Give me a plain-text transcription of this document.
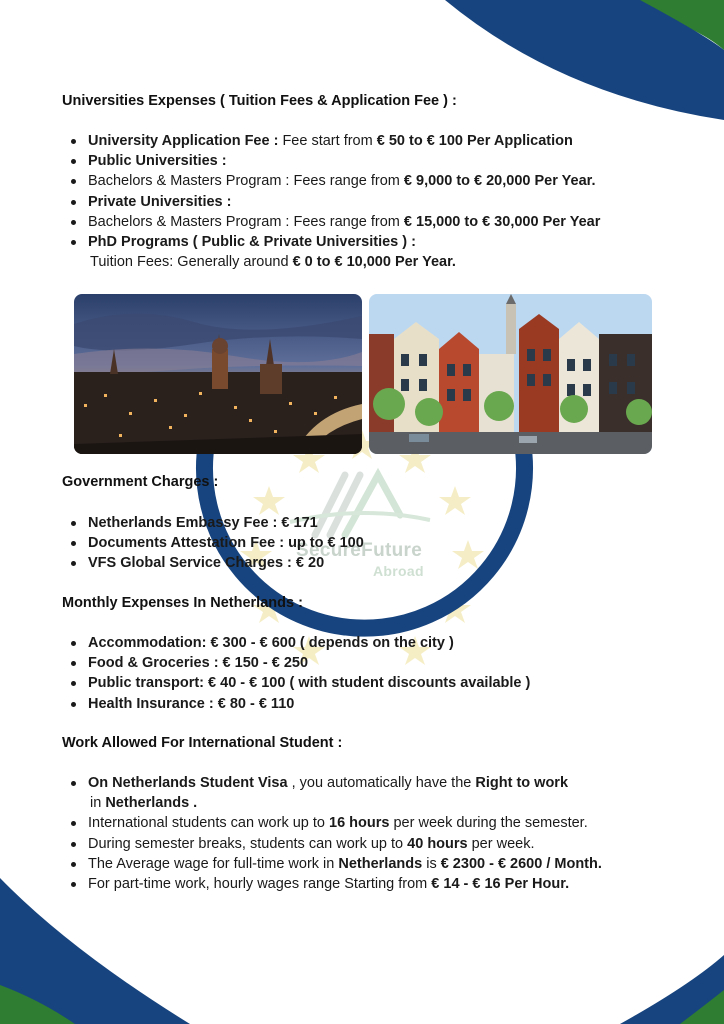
SecureFuture
Abroad
Universities Expenses ( Tuition Fees & Application Fee ) :
University Application Fee : Fee start from € 50 to € 100 Per Application
Public Universities :
Bachelors & Masters Program : Fees range from € 9,000 to € 20,000 Per Year.
Private Universities :
Bachelors & Masters Program : Fees range from € 15,000 to € 30,000 Per Year
PhD Programs ( Public & Private Universities ) :
Tuition Fees: Generally around € 0 to € 10,000 Per Year.
Government Charges :
Netherlands Embassy Fee : € 171
Documents Attestation Fee : up to € 100
VFS Global Service Charges : € 20
Monthly Expenses In Netherlands :
Accommodation: € 300 - € 600 ( depends on the city )
Food & Groceries : € 150 - € 250
Public transport: € 40 - € 100 ( with student discounts available )
Health Insurance : € 80 - € 110
Work Allowed For International Student :
On Netherlands Student Visa , you automatically have the Right to work
in Netherlands .
International students can work up to 16 hours per week during the semester.
During semester breaks, students can work up to 40 hours per week.
The Average wage for full-time work in Netherlands is € 2300 - € 2600 / Month.
For part-time work, hourly wages range Starting from € 14 - € 16 Per Hour.
